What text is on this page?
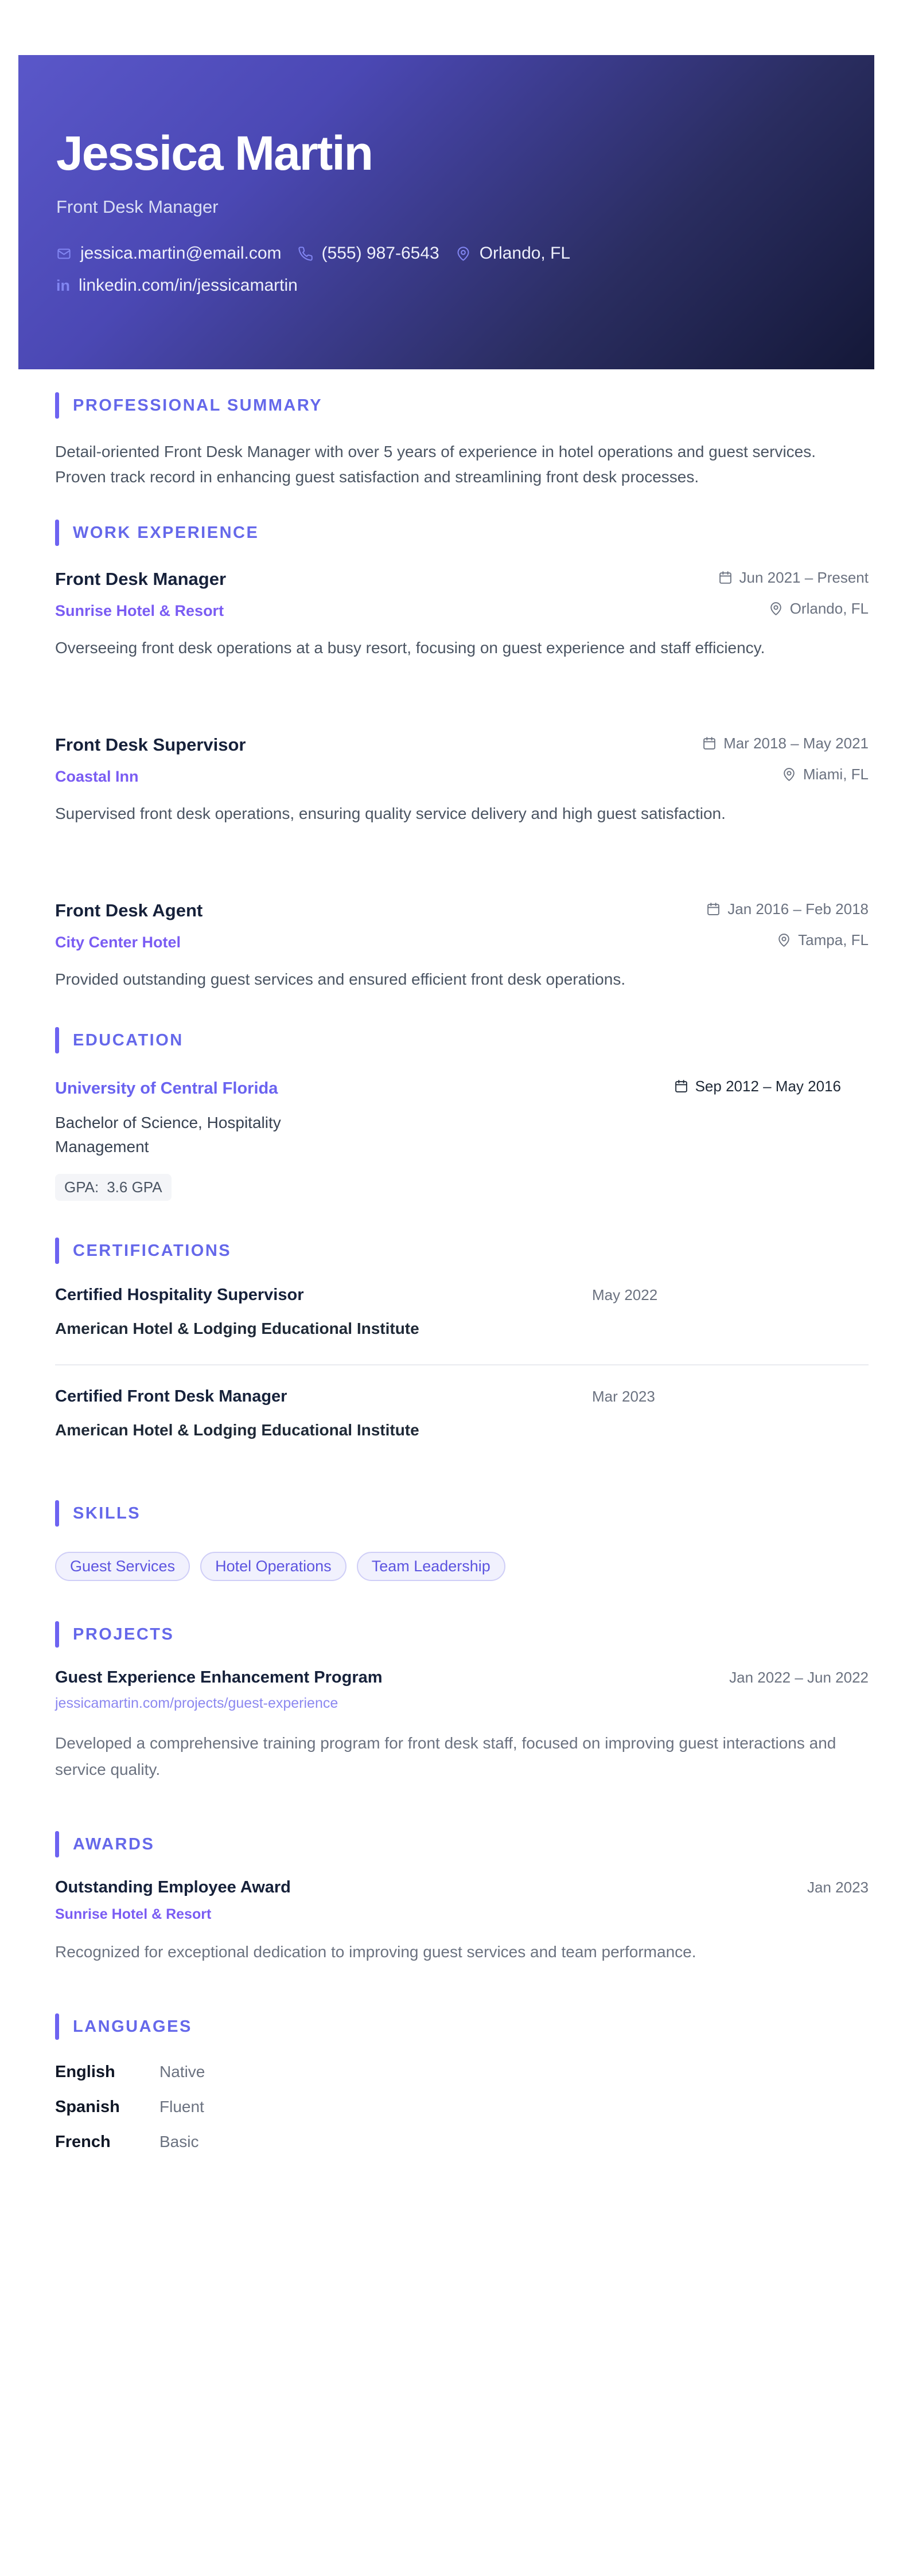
Jessica Martin
Front Desk Manager
jessica.martin@email.com (555) 987-6543 Orlando, FL
in linkedin.com/in/jessicamartin
PROFESSIONAL SUMMARY

Detail-oriented Front Desk Manager with over 5 years of experience in hotel operations and guest services. Proven track record in enhancing guest satisfaction and streamlining front desk processes.

WORK EXPERIENCE
Front Desk Manager	Jun 2021 – Present
Sunrise Hotel & Resort	Orlando, FL

Overseeing front desk operations at a busy resort, focusing on guest experience and staff efficiency.

Front Desk Supervisor	Mar 2018 – May 2021
Coastal Inn	Miami, FL

Supervised front desk operations, ensuring quality service delivery and high guest satisfaction.

Front Desk Agent	Jan 2016 – Feb 2018
City Center Hotel	Tampa, FL

Provided outstanding guest services and ensured efficient front desk operations.

EDUCATION
University of Central Florida	Sep 2012 – May 2016
Bachelor of Science, Hospitality Management
GPA: 3.6 GPA
CERTIFICATIONS
Certified Hospitality Supervisor	May 2022
American Hotel & Lodging Educational Institute
Certified Front Desk Manager	Mar 2023
American Hotel & Lodging Educational Institute
SKILLS
Guest Services	Hotel Operations	Team Leadership
PROJECTS
Guest Experience Enhancement Program	Jan 2022 – Jun 2022
jessicamartin.com/projects/guest-experience

Developed a comprehensive training program for front desk staff, focused on improving guest interactions and service quality.

AWARDS
Outstanding Employee Award	Jan 2023
Sunrise Hotel & Resort

Recognized for exceptional dedication to improving guest services and team performance.

LANGUAGES
English	Native
Spanish	Fluent
French	Basic
